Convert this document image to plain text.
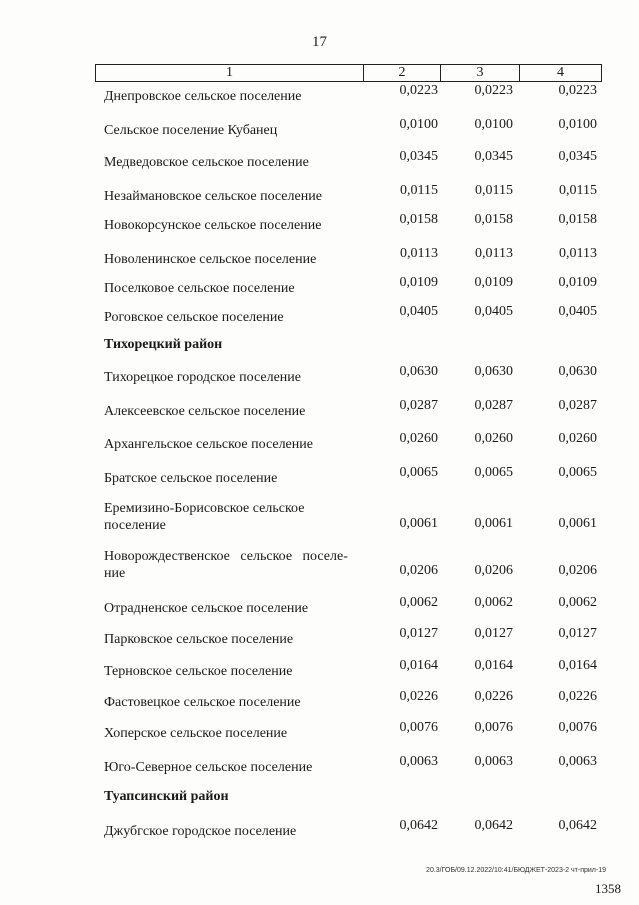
17
1	2	3	4
Днепровское сельское поселение	0,0223	0,0223	0,0223
Сельское поселение Кубанец	0,0100	0,0100	0,0100
Медведовское сельское поселение	0,0345	0,0345	0,0345
Незаймановское сельское поселение	0,0115	0,0115	0,0115
Новокорсунское сельское поселение	0,0158	0,0158	0,0158
Новоленинское сельское поселение	0,0113	0,0113	0,0113
Поселковое сельское поселение	0,0109	0,0109	0,0109
Роговское сельское поселение	0,0405	0,0405	0,0405
Тихорецкий район
Тихорецкое городское поселение	0,0630	0,0630	0,0630
Алексеевское сельское поселение	0,0287	0,0287	0,0287
Архангельское сельское поселение	0,0260	0,0260	0,0260
Братское сельское поселение	0,0065	0,0065	0,0065
Еремизино-Борисовское сельское
поселение	0,0061	0,0061	0,0061
Новорождественское   сельское   поселе-
ние	0,0206	0,0206	0,0206
Отрадненское сельское поселение	0,0062	0,0062	0,0062
Парковское сельское поселение	0,0127	0,0127	0,0127
Терновское сельское поселение	0,0164	0,0164	0,0164
Фастовецкое сельское поселение	0,0226	0,0226	0,0226
Хоперское сельское поселение	0,0076	0,0076	0,0076
Юго-Северное сельское поселение	0,0063	0,0063	0,0063
Туапсинский район
Джубгское городское поселение	0,0642	0,0642	0,0642
20.3/ГОБ/09.12.2022/10:41/БЮДЖЕТ-2023-2 чт-прил-19
1358
